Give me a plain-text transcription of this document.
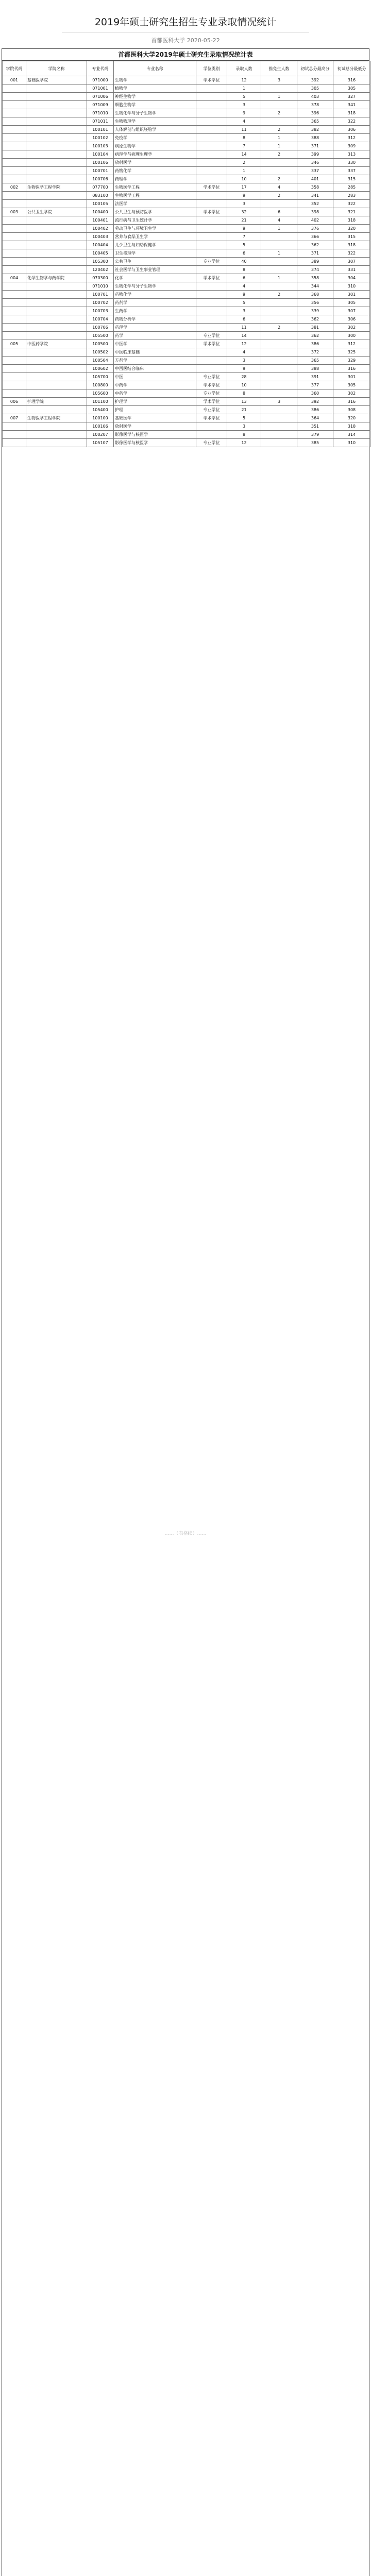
2019年硕士研究生招生专业录取情况统计
首都医科大学 2020-05-22
首都医科大学2019年硕士研究生录取情况统计表
学院代码	学院名称	专业代码	专业名称	学位类别	录取人数	推免生人数	初试总分最高分	初试总分最低分
001	基础医学院	071000	生物学	学术学位	12	3	392	316
		071001	植物学		1		305	305
		071006	神经生物学		5	1	403	327
		071009	细胞生物学		3		378	341
		071010	生物化学与分子生物学		9	2	396	318
		071011	生物物理学		4		365	322
		100101	人体解剖与组织胚胎学		11	2	382	306
		100102	免疫学		8	1	388	312
		100103	病原生物学		7	1	371	309
		100104	病理学与病理生理学		14	2	399	313
		100106	放射医学		2		346	330
		100701	药物化学		1		337	337
		100706	药理学		10	2	401	315
002	生物医学工程学院	077700	生物医学工程	学术学位	17	4	358	285
		083100	生物医学工程		9	2	341	283
		100105	法医学		3		352	322
003	公共卫生学院	100400	公共卫生与预防医学	学术学位	32	6	398	321
		100401	流行病与卫生统计学		21	4	402	318
		100402	劳动卫生与环境卫生学		9	1	376	320
		100403	营养与食品卫生学		7		366	315
		100404	儿少卫生与妇幼保健学		5		362	318
		100405	卫生毒理学		6	1	371	322
		105300	公共卫生	专业学位	40		389	307
		120402	社会医学与卫生事业管理		8		374	331
004	化学生物学与药学院	070300	化学	学术学位	6	1	358	304
		071010	生物化学与分子生物学		4		344	310
		100701	药物化学		9	2	368	301
		100702	药剂学		5		356	305
		100703	生药学		3		339	307
		100704	药物分析学		6		362	306
		100706	药理学		11	2	381	302
		105500	药学	专业学位	14		362	300
005	中医药学院	100500	中医学	学术学位	12		386	312
		100502	中医临床基础		4		372	325
		100504	方剂学		3		365	329
		100602	中西医结合临床		9		388	316
		105700	中医	专业学位	28		391	301
		100800	中药学	学术学位	10		377	305
		105600	中药学	专业学位	8		360	302
006	护理学院	101100	护理学	学术学位	13	3	392	316
		105400	护理	专业学位	21		386	308
007	生物医学工程学院	100100	基础医学	学术学位	5		364	320
		100106	放射医学		3		351	318
		100207	影像医学与核医学		8		379	314
		105107	影像医学与核医学	专业学位	12		385	310
……（表格续）……
